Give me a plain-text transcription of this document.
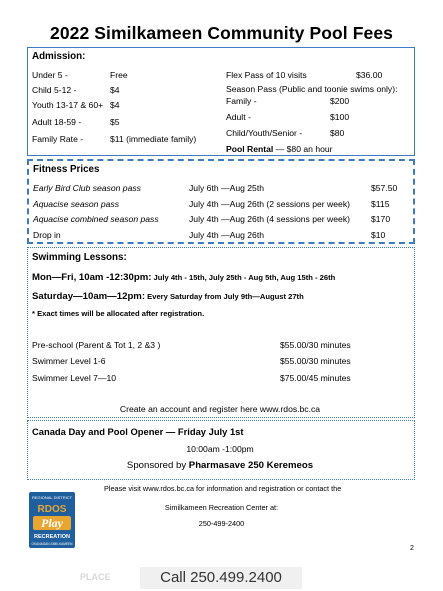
2022 Similkameen Community Pool Fees
Admission:
Under 5 -	Free
Child 5-12 -	$4
Youth 13-17 & 60+ $4
Adult 18-59 -	$5
Family Rate -	$11 (immediate family)
Flex Pass of 10 visits	$36.00
Season Pass (Public and toonie swims only):
Family -	$200
Adult -	$100
Child/Youth/Senior -	$80
Pool Rental — $80 an hour
Fitness Prices
Early Bird Club season pass	July 6th —Aug 25th	$57.50
Aquacise season pass	July 4th —Aug 26th (2 sessions per week) $115
Aquacise combined season pass	July 4th —Aug 26th (4 sessions per week) $170
Drop in	July 4th —Aug 26th	$10
Swimming Lessons:
Mon—Fri, 10am -12:30pm: July 4th - 15th, July 25th - Aug 5th, Aug 15th - 26th
Saturday—10am—12pm: Every Saturday from July 9th—August 27th
* Exact times will be allocated after registration.
Pre-school (Parent & Tot 1, 2 &3 )	$55.00/30 minutes
Swimmer Level 1-6	$55.00/30 minutes
Swimmer Level 7—10	$75.00/45 minutes
Create an account and register here www.rdos.bc.ca
Canada Day and Pool Opener — Friday July 1st
10:00am -1:00pm
Sponsored by Pharmasave 250 Keremeos
Please visit www.rdos.bc.ca for information and registration or contact the
Similkameen Recreation Center at:
250-499-2400
REGIONAL DISTRICT
RDOS
Play
RECREATION
OKANAGAN-SIMILKAMEEN
2
PLACE	Call 250.499.2400
